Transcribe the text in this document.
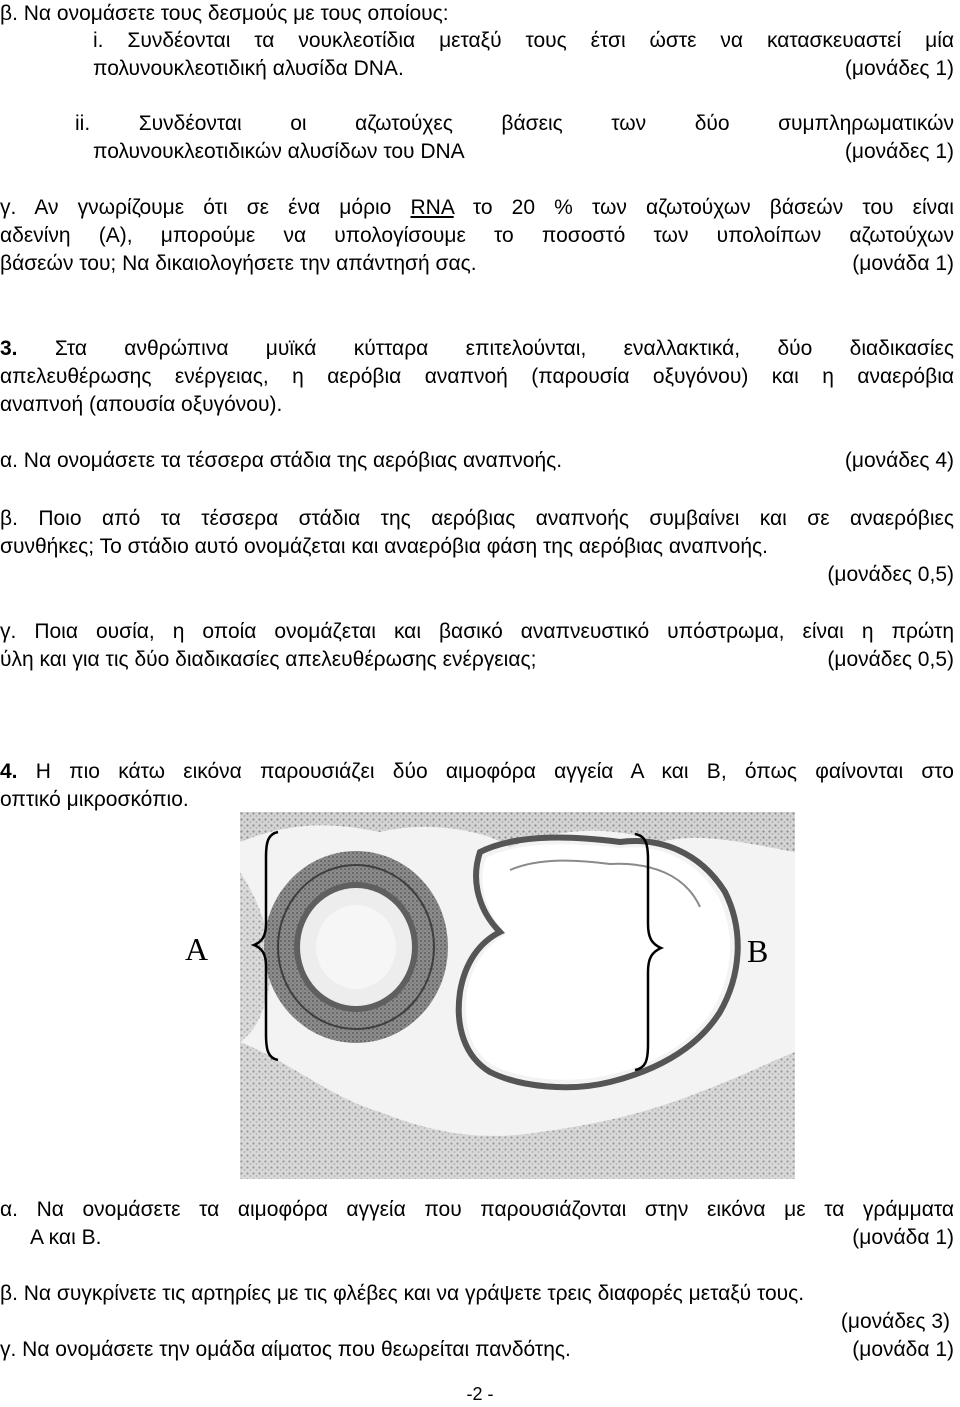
β. Να ονομάσετε τους δεσμούς με τους οποίους:
i. Συνδέονται τα νουκλεοτίδια μεταξύ τους έτσι ώστε να κατασκευαστεί μία
πολυνουκλεοτιδική αλυσίδα DNA.	(μονάδες 1)
ii. Συνδέονται οι αζωτούχες βάσεις των δύο συμπληρωματικών
πολυνουκλεοτιδικών αλυσίδων του DNA	(μονάδες 1)
γ. Αν γνωρίζουμε ότι σε ένα μόριο RNA το 20 % των αζωτούχων βάσεών του είναι
αδενίνη (Α), μπορούμε να υπολογίσουμε το ποσοστό των υπολοίπων αζωτούχων
βάσεών του; Να δικαιολογήσετε την απάντησή σας.	(μονάδα 1)
3. Στα ανθρώπινα μυϊκά κύτταρα επιτελούνται, εναλλακτικά, δύο διαδικασίες
απελευθέρωσης ενέργειας, η αερόβια αναπνοή (παρουσία οξυγόνου) και η αναερόβια
αναπνοή (απουσία οξυγόνου).
α. Να ονομάσετε τα τέσσερα στάδια της αερόβιας αναπνοής.	(μονάδες 4)
β. Ποιο από τα τέσσερα στάδια της αερόβιας αναπνοής συμβαίνει και σε αναερόβιες
συνθήκες; Το στάδιο αυτό ονομάζεται και αναερόβια φάση της αερόβιας αναπνοής.
(μονάδες 0,5)
γ. Ποια ουσία, η οποία ονομάζεται και βασικό αναπνευστικό υπόστρωμα, είναι η πρώτη
ύλη και για τις δύο διαδικασίες απελευθέρωσης ενέργειας;	(μονάδες 0,5)
4. Η πιο κάτω εικόνα παρουσιάζει δύο αιμοφόρα αγγεία Α και Β, όπως φαίνονται στο
οπτικό μικροσκόπιο.
A	B
α. Να ονομάσετε τα αιμοφόρα αγγεία που παρουσιάζονται στην εικόνα με τα γράμματα
Α και Β.	(μονάδα 1)
β. Να συγκρίνετε τις αρτηρίες με τις φλέβες και να γράψετε τρεις διαφορές μεταξύ τους.
(μονάδες 3)
γ. Να ονομάσετε την ομάδα αίματος που θεωρείται πανδότης.	(μονάδα 1)
-2 -
